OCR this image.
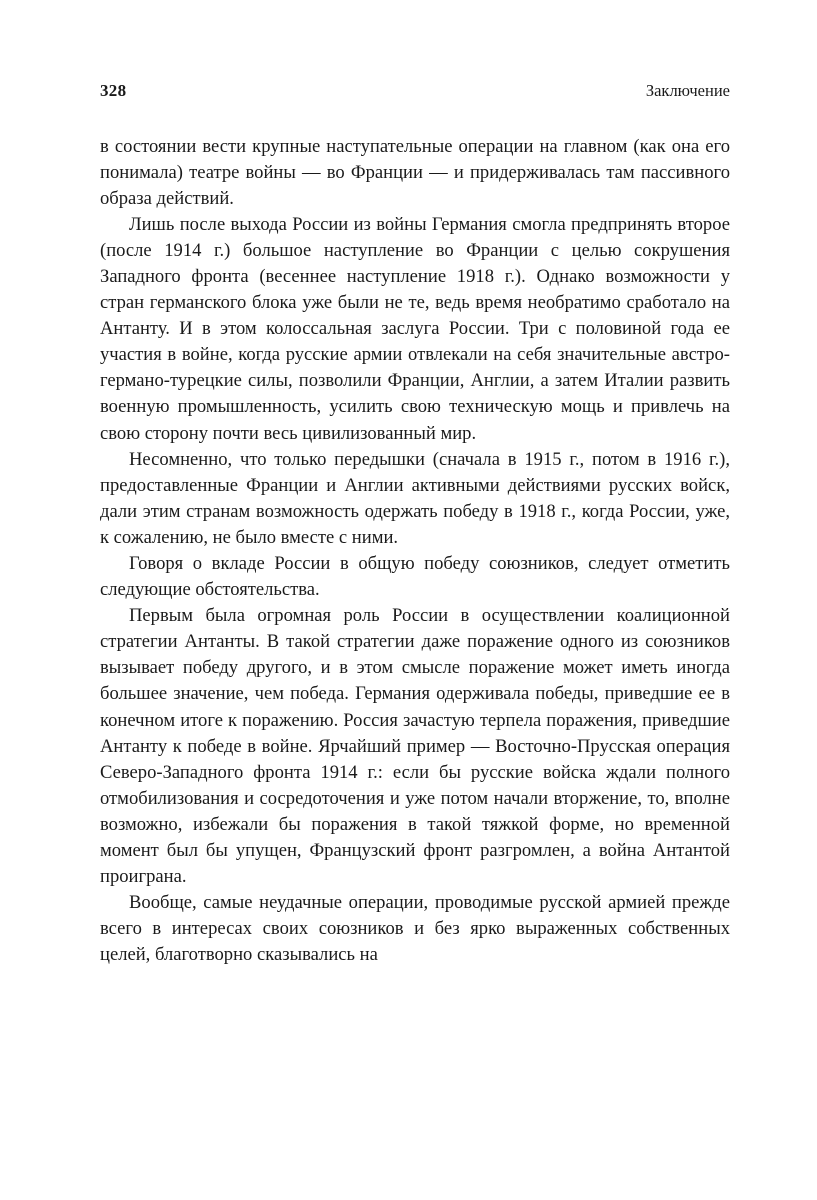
328	Заключение

в состоянии вести крупные наступательные операции на главном (как она его понимала) театре войны — во Франции — и придерживалась там пассивного образа действий.

Лишь после выхода России из войны Германия смогла предпринять второе (после 1914 г.) большое наступление во Франции с целью сокрушения Западного фронта (весеннее наступление 1918 г.). Однако возможности у стран германского блока уже были не те, ведь время необратимо сработало на Антанту. И в этом колоссальная заслуга России. Три с половиной года ее участия в войне, когда русские армии отвлекали на себя значительные австро-германо-турецкие силы, позволили Франции, Англии, а затем Италии развить военную промышленность, усилить свою техническую мощь и привлечь на свою сторону почти весь цивилизованный мир.

Несомненно, что только передышки (сначала в 1915 г., потом в 1916 г.), предоставленные Франции и Англии активными действиями русских войск, дали этим странам возможность одержать победу в 1918 г., когда России, уже, к сожалению, не было вместе с ними.

Говоря о вкладе России в общую победу союзников, следует отметить следующие обстоятельства.

Первым была огромная роль России в осуществлении коалиционной стратегии Антанты. В такой стратегии даже поражение одного из союзников вызывает победу другого, и в этом смысле поражение может иметь иногда большее значение, чем победа. Германия одерживала победы, приведшие ее в конечном итоге к поражению. Россия зачастую терпела поражения, приведшие Антанту к победе в войне. Ярчайший пример — Восточно-Прусская операция Северо-Западного фронта 1914 г.: если бы русские войска ждали полного отмобилизования и сосредоточения и уже потом начали вторжение, то, вполне возможно, избежали бы поражения в такой тяжкой форме, но временной момент был бы упущен, Французский фронт разгромлен, а война Антантой проиграна.

Вообще, самые неудачные операции, проводимые русской армией прежде всего в интересах своих союзников и без ярко выраженных собственных целей, благотворно сказывались на
